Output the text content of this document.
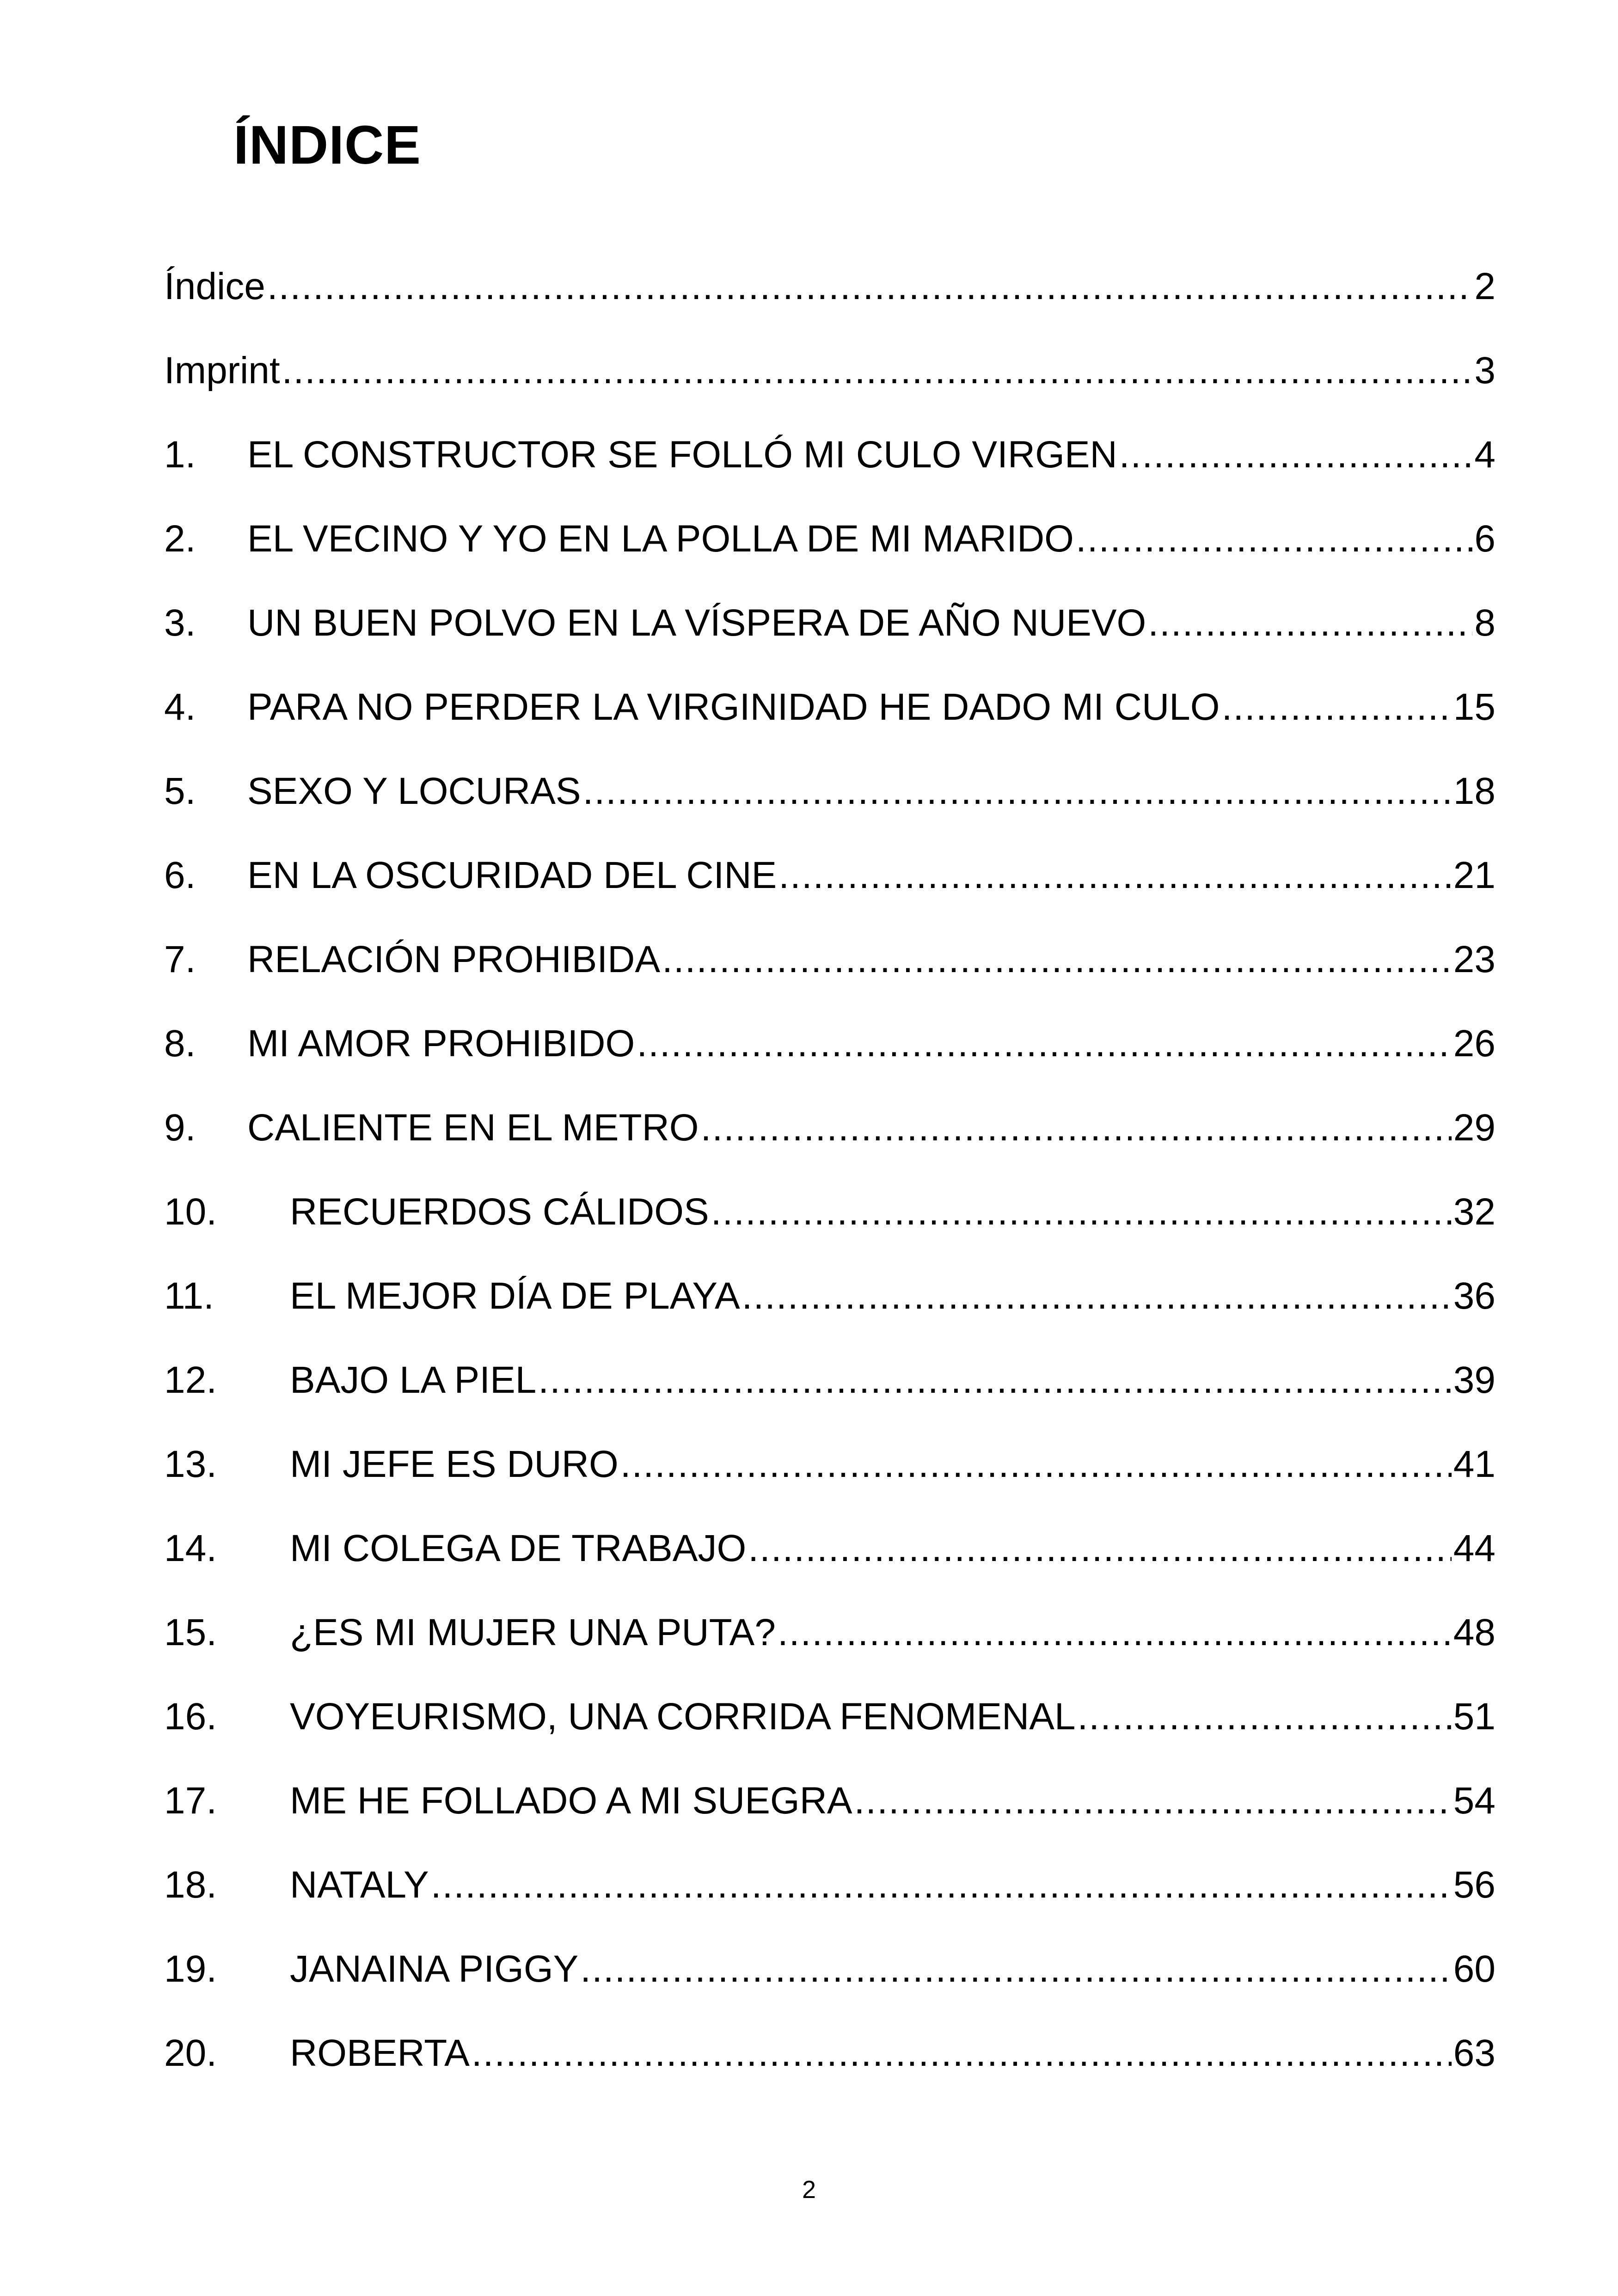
ÍNDICE
Índice .....	2
Imprint .....	3
1.	EL CONSTRUCTOR SE FOLLÓ MI CULO VIRGEN .....	4
2.	EL VECINO Y YO EN LA POLLA DE MI MARIDO .....	6
3.	UN BUEN POLVO EN LA VÍSPERA DE AÑO NUEVO .....	8
4.	PARA NO PERDER LA VIRGINIDAD HE DADO MI CULO .....	15
5.	SEXO Y LOCURAS .....	18
6.	EN LA OSCURIDAD DEL CINE .....	21
7.	RELACIÓN PROHIBIDA .....	23
8.	MI AMOR PROHIBIDO .....	26
9.	CALIENTE EN EL METRO .....	29
10.	RECUERDOS CÁLIDOS .....	32
11.	EL MEJOR DÍA DE PLAYA .....	36
12.	BAJO LA PIEL .....	39
13.	MI JEFE ES DURO .....	41
14.	MI COLEGA DE TRABAJO .....	44
15.	¿ES MI MUJER UNA PUTA? .....	48
16.	VOYEURISMO, UNA CORRIDA FENOMENAL .....	51
17.	ME HE FOLLADO A MI SUEGRA .....	54
18.	NATALY .....	56
19.	JANAINA PIGGY .....	60
20.	ROBERTA .....	63
2
